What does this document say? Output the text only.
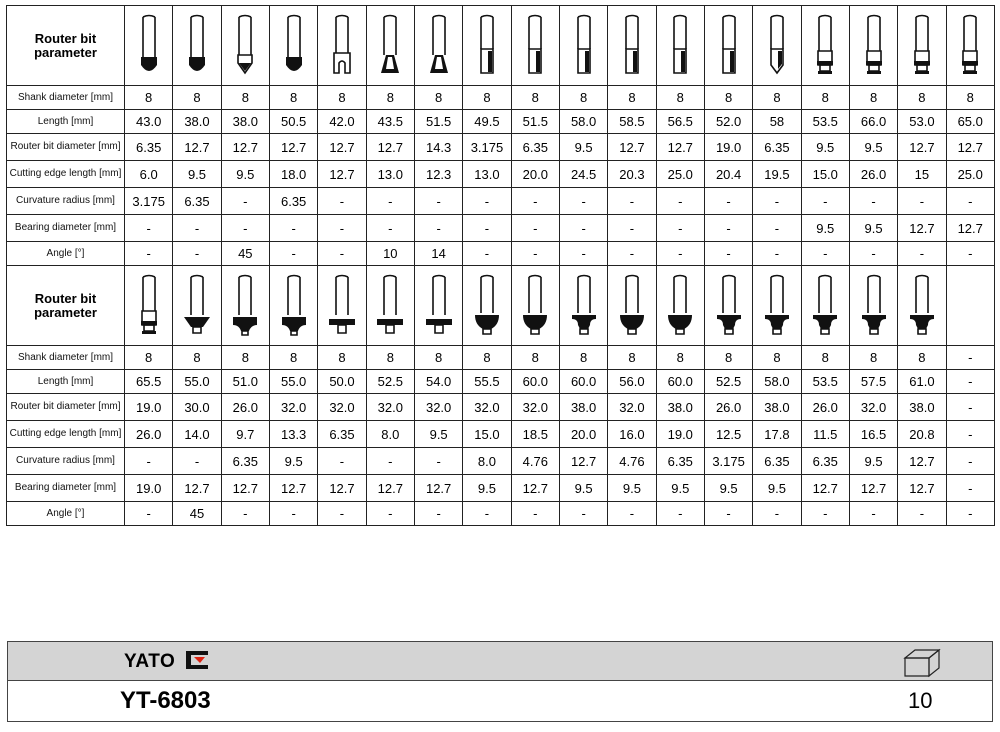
Router bit parameter	

Shank diameter [mm]	8	8	8	8	8	8	8	8	8	8	8	8	8	8	8	8	8	8
Length [mm]	43.0	38.0	38.0	50.5	42.0	43.5	51.5	49.5	51.5	58.0	58.5	56.5	52.0	58	53.5	66.0	53.0	65.0
Router bit diameter [mm]	6.35	12.7	12.7	12.7	12.7	12.7	14.3	3.175	6.35	9.5	12.7	12.7	19.0	6.35	9.5	9.5	12.7	12.7
Cutting edge length [mm]	6.0	9.5	9.5	18.0	12.7	13.0	12.3	13.0	20.0	24.5	20.3	25.0	20.4	19.5	15.0	26.0	15	25.0
Curvature radius [mm]	3.175	6.35	-	6.35	-	-	-	-	-	-	-	-	-	-	-	-	-	-
Bearing diameter [mm]	-	-	-	-	-	-	-	-	-	-	-	-	-	-	9.5	9.5	12.7	12.7
Angle [°]	-	-	45	-	-	10	14	-	-	-	-	-	-	-	-	-	-	-
Router bit parameter	

Shank diameter [mm]	8	8	8	8	8	8	8	8	8	8	8	8	8	8	8	8	8	-
Length [mm]	65.5	55.0	51.0	55.0	50.0	52.5	54.0	55.5	60.0	60.0	56.0	60.0	52.5	58.0	53.5	57.5	61.0	-
Router bit diameter [mm]	19.0	30.0	26.0	32.0	32.0	32.0	32.0	32.0	32.0	38.0	32.0	38.0	26.0	38.0	26.0	32.0	38.0	-
Cutting edge length [mm]	26.0	14.0	9.7	13.3	6.35	8.0	9.5	15.0	18.5	20.0	16.0	19.0	12.5	17.8	11.5	16.5	20.8	-
Curvature radius [mm]	-	-	6.35	9.5	-	-	-	8.0	4.76	12.7	4.76	6.35	3.175	6.35	6.35	9.5	12.7	-
Bearing diameter [mm]	19.0	12.7	12.7	12.7	12.7	12.7	12.7	9.5	12.7	9.5	9.5	9.5	9.5	9.5	12.7	12.7	12.7	-
Angle [°]	-	45	-	-	-	-	-	-	-	-	-	-	-	-	-	-	-	-
YATO
YT-6803	10
